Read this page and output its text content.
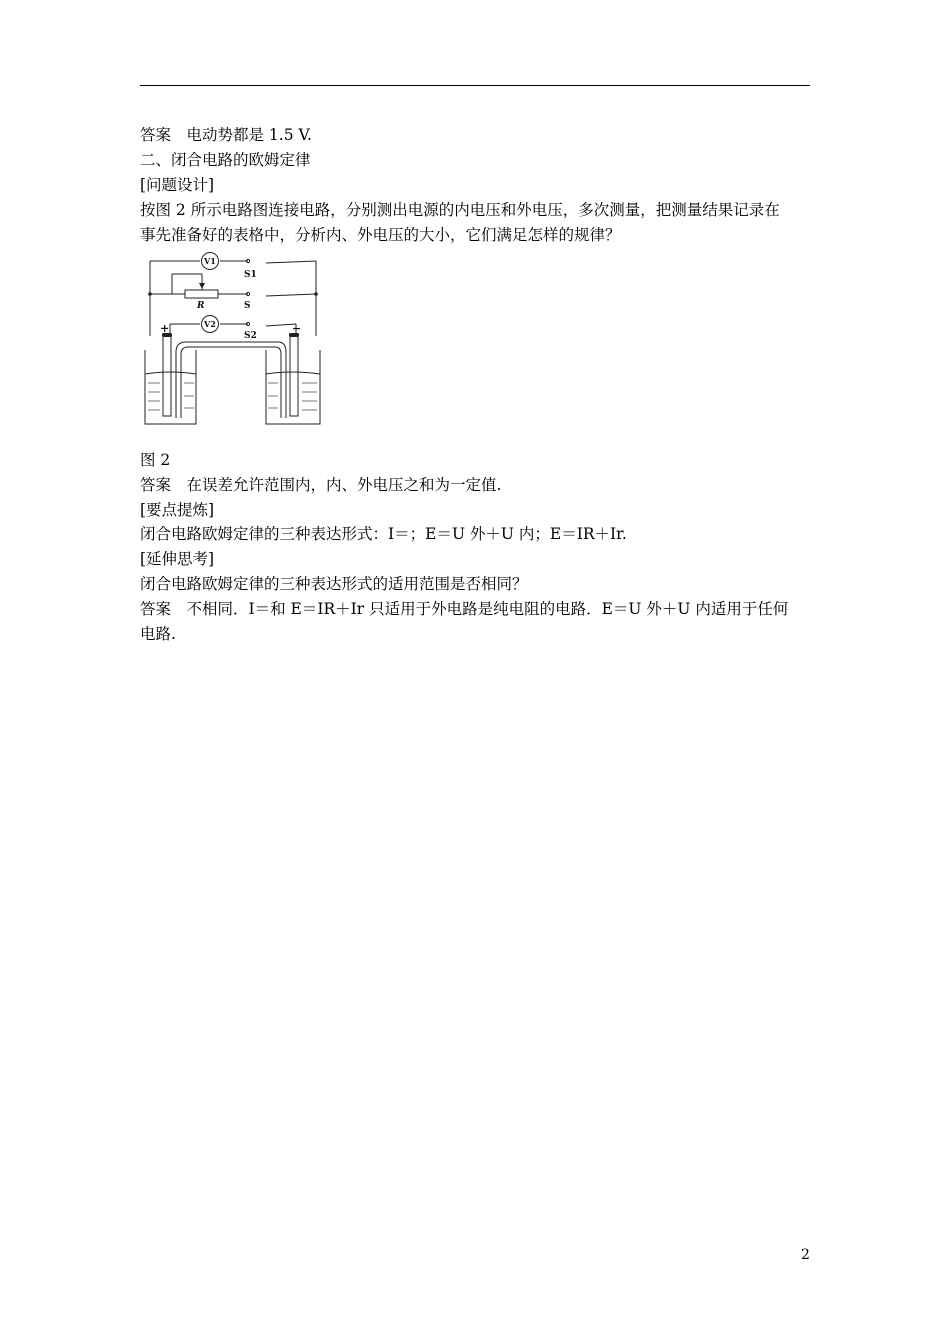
答案　电动势都是 1.5 V.
二、闭合电路的欧姆定律
[问题设计]
按图 2 所示电路图连接电路，分别测出电源的内电压和外电压，多次测量，把测量结果记录在
事先准备好的表格中，分析内、外电压的大小，它们满足怎样的规律？
V1
V2
S1
S
S2
R
+	−
图 2
答案　在误差允许范围内，内、外电压之和为一定值.
[要点提炼]
闭合电路欧姆定律的三种表达形式：I＝；E＝U 外＋U 内；E＝IR＋Ir.
[延伸思考]
闭合电路欧姆定律的三种表达形式的适用范围是否相同？
答案　不相同．I＝和 E＝IR＋Ir 只适用于外电路是纯电阻的电路．E＝U 外＋U 内适用于任何
电路.
2
